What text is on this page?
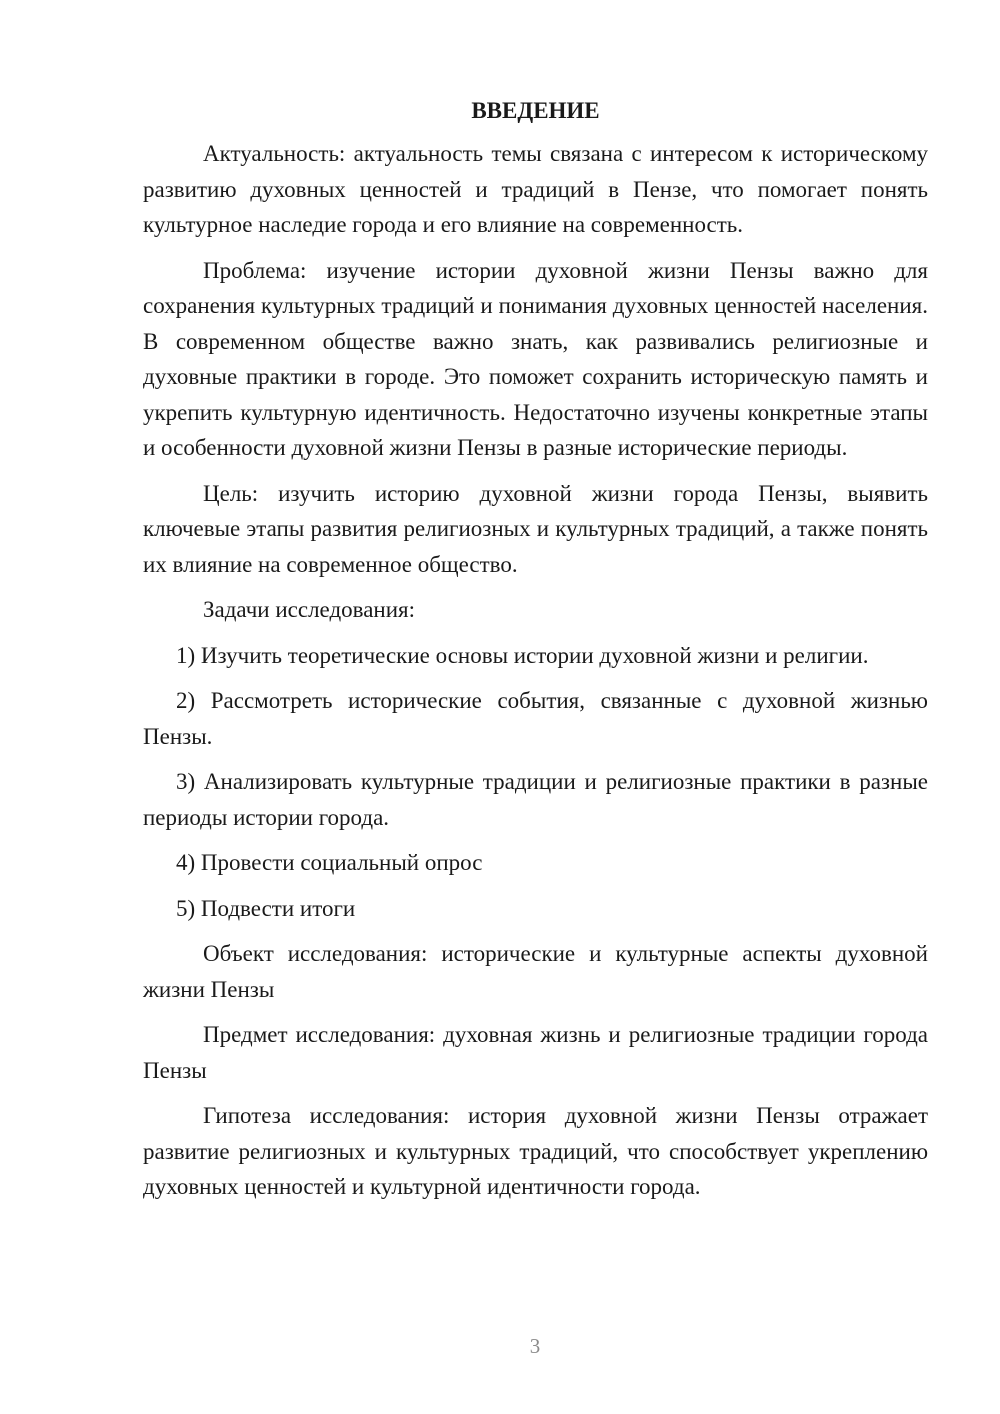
ВВЕДЕНИЕ

Актуальность: актуальность темы связана с интересом к историческому развитию духовных ценностей и традиций в Пензе, что помогает понять культурное наследие города и его влияние на современность.

Проблема: изучение истории духовной жизни Пензы важно для сохранения культурных традиций и понимания духовных ценностей населения. В современном обществе важно знать, как развивались религиозные и духовные практики в городе. Это поможет сохранить историческую память и укрепить культурную идентичность. Недостаточно изучены конкретные этапы и особенности духовной жизни Пензы в разные исторические периоды.

Цель: изучить историю духовной жизни города Пензы, выявить ключевые этапы развития религиозных и культурных традиций, а также понять их влияние на современное общество.

Задачи исследования:

1) Изучить теоретические основы истории духовной жизни и религии.

2) Рассмотреть исторические события, связанные с духовной жизнью Пензы.

3) Анализировать культурные традиции и религиозные практики в разные периоды истории города.

4) Провести социальный опрос

5) Подвести итоги

Объект исследования: исторические и культурные аспекты духовной жизни Пензы

Предмет исследования: духовная жизнь и религиозные традиции города Пензы

Гипотеза исследования: история духовной жизни Пензы отражает развитие религиозных и культурных традиций, что способствует укреплению духовных ценностей и культурной идентичности города.

3
